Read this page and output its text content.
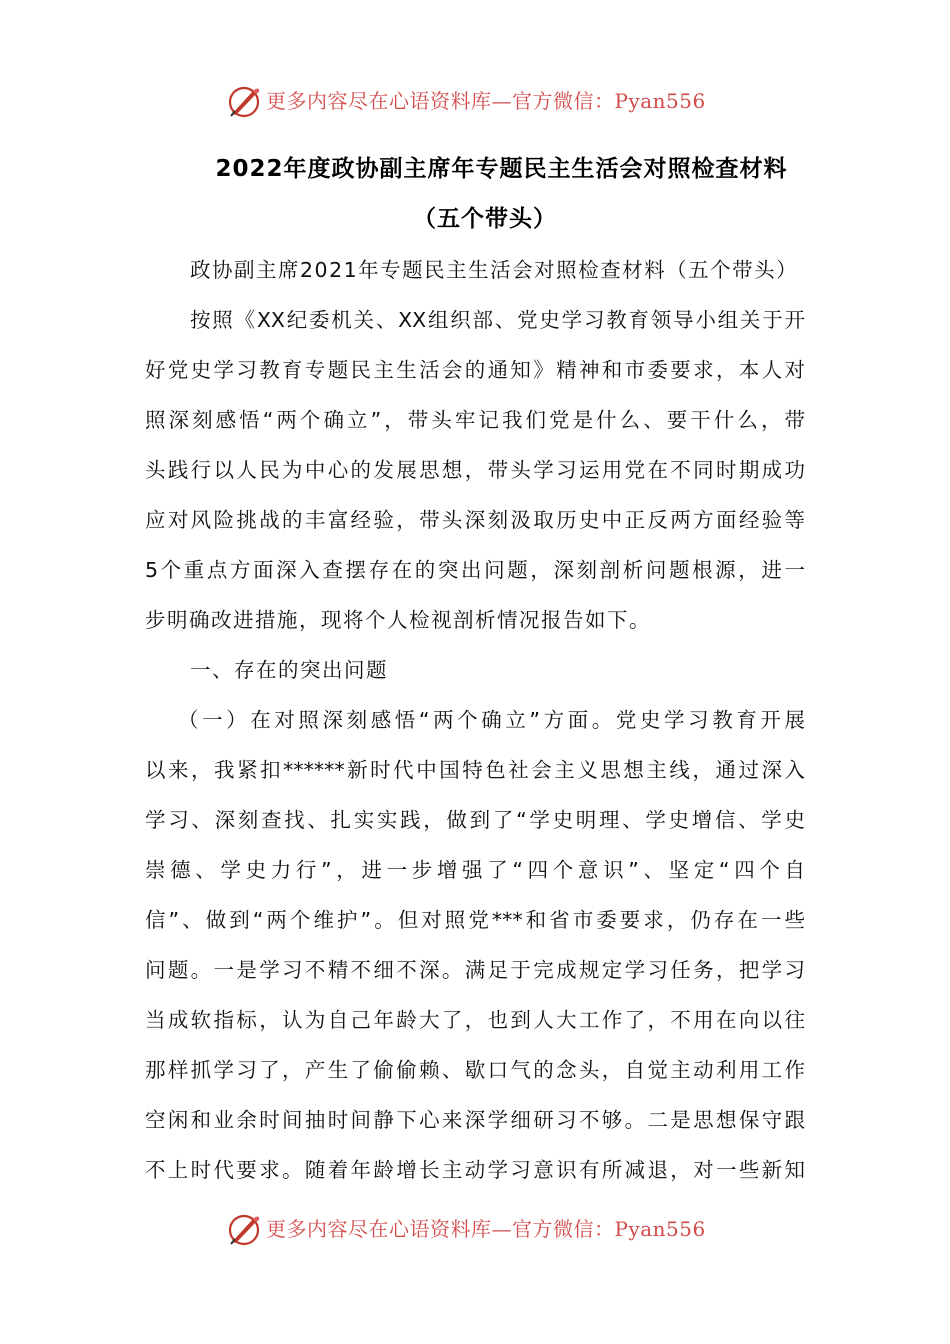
更多内容尽在心语资料库—官方微信：Pyan556
2022年度政协副主席年专题民主生活会对照检查材料
（五个带头）
政协副主席2021年专题民主生活会对照检查材料（五个带头）
按照《XX纪委机关、XX组织部、党史学习教育领导小组关于开
好党史学习教育专题民主生活会的通知》精神和市委要求，本人对
照深刻感悟“两个确立”，带头牢记我们党是什么、要干什么，带
头践行以人民为中心的发展思想，带头学习运用党在不同时期成功
应对风险挑战的丰富经验，带头深刻汲取历史中正反两方面经验等
5个重点方面深入查摆存在的突出问题，深刻剖析问题根源，进一
步明确改进措施，现将个人检视剖析情况报告如下。
一、存在的突出问题
（一）在对照深刻感悟“两个确立”方面。党史学习教育开展
以来，我紧扣******新时代中国特色社会主义思想主线，通过深入
学习、深刻查找、扎实实践，做到了“学史明理、学史增信、学史
崇德、学史力行”，进一步增强了“四个意识”、坚定“四个自
信”、做到“两个维护”。但对照党***和省市委要求，仍存在一些
问题。一是学习不精不细不深。满足于完成规定学习任务，把学习
当成软指标，认为自己年龄大了，也到人大工作了，不用在向以往
那样抓学习了，产生了偷偷赖、歇口气的念头，自觉主动利用工作
空闲和业余时间抽时间静下心来深学细研习不够。二是思想保守跟
不上时代要求。随着年龄增长主动学习意识有所减退，对一些新知
更多内容尽在心语资料库—官方微信：Pyan556
